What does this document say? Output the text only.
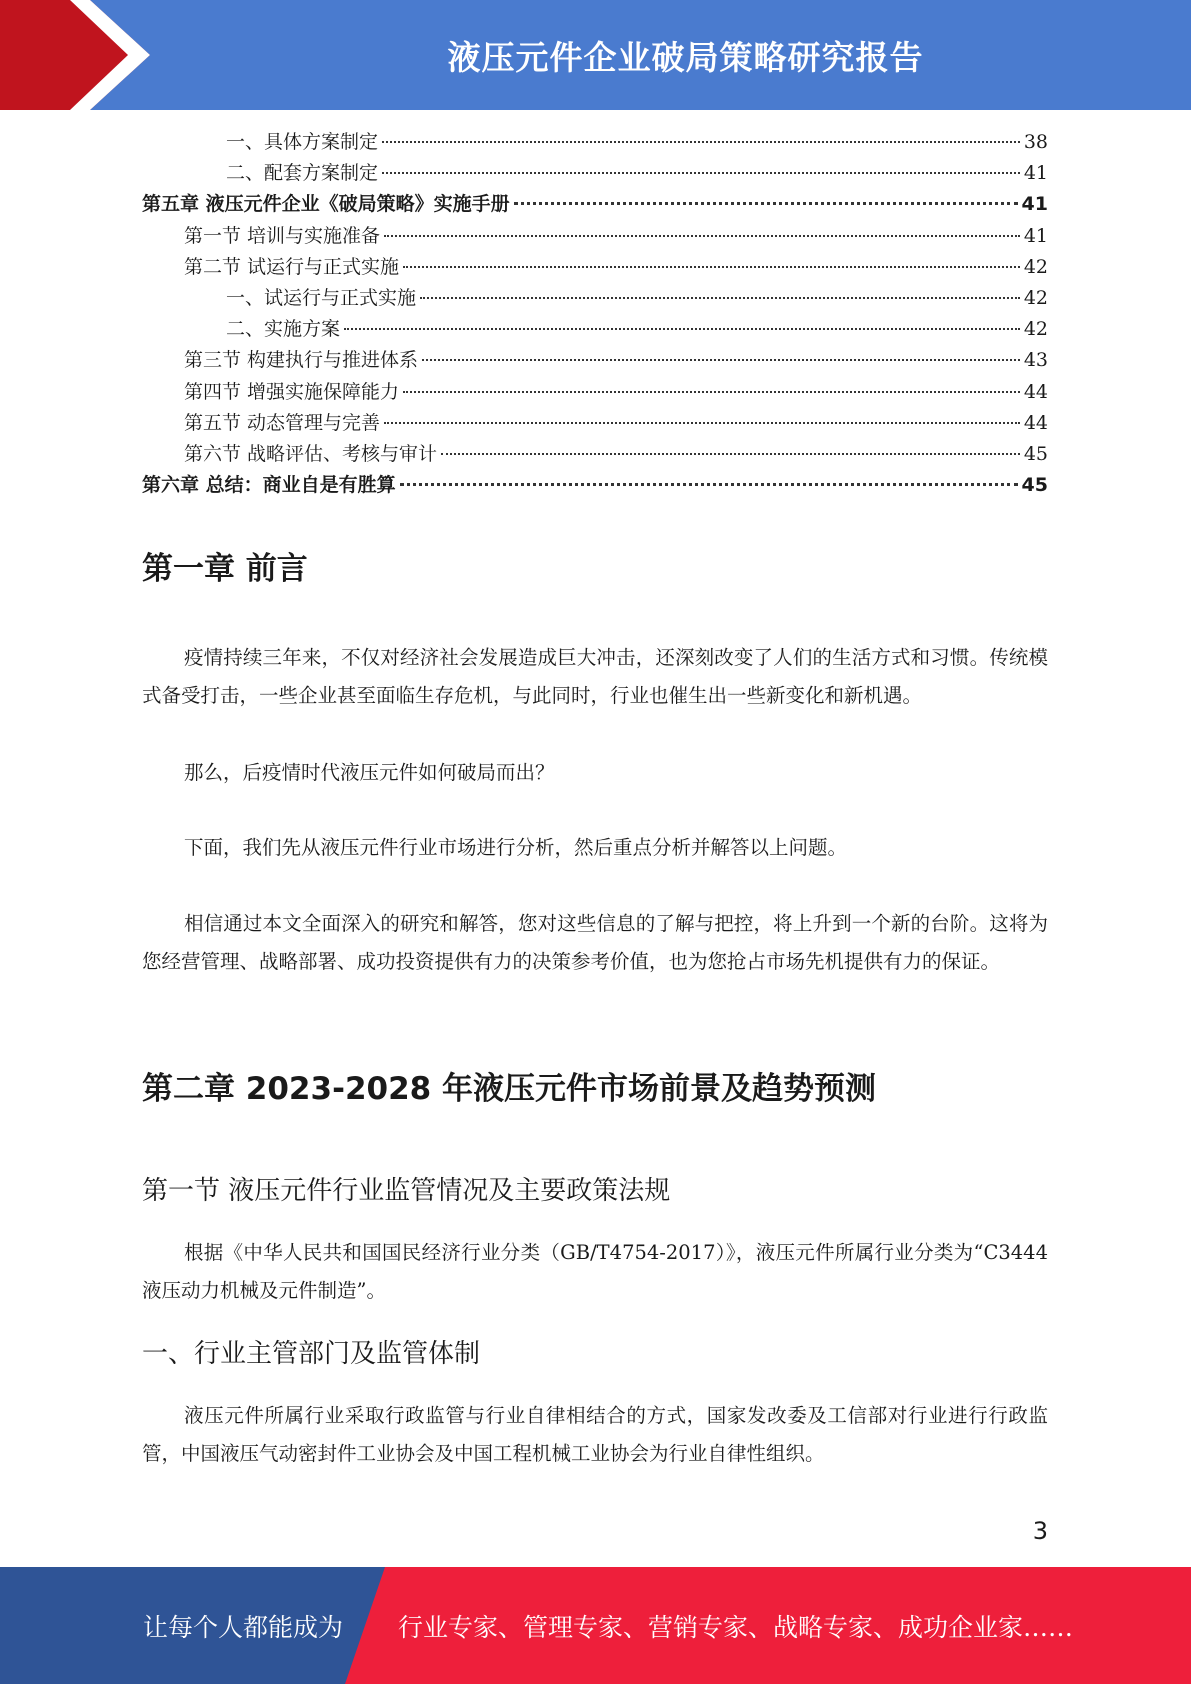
液压元件企业破局策略研究报告
一、具体方案制定	38
二、配套方案制定	41
第五章 液压元件企业《破局策略》实施手册	41
第一节 培训与实施准备	41
第二节 试运行与正式实施	42
一、试运行与正式实施	42
二、实施方案	42
第三节 构建执行与推进体系	43
第四节 增强实施保障能力	44
第五节 动态管理与完善	44
第六节 战略评估、考核与审计	45
第六章 总结：商业自是有胜算	45
第一章 前言

疫情持续三年来，不仅对经济社会发展造成巨大冲击，还深刻改变了人们的生活方式和习惯。传统模式备受打击，一些企业甚至面临生存危机，与此同时，行业也催生出一些新变化和新机遇。

那么，后疫情时代液压元件如何破局而出？

下面，我们先从液压元件行业市场进行分析，然后重点分析并解答以上问题。

相信通过本文全面深入的研究和解答，您对这些信息的了解与把控，将上升到一个新的台阶。这将为您经营管理、战略部署、成功投资提供有力的决策参考价值，也为您抢占市场先机提供有力的保证。

第二章 2023-2028 年液压元件市场前景及趋势预测
第一节 液压元件行业监管情况及主要政策法规

根据《中华人民共和国国民经济行业分类（GB/T4754-2017）》，液压元件所属行业分类为“C3444 液压动力机械及元件制造”。

一、行业主管部门及监管体制

液压元件所属行业采取行政监管与行业自律相结合的方式，国家发改委及工信部对行业进行行政监管，中国液压气动密封件工业协会及中国工程机械工业协会为行业自律性组织。

3
让每个人都能成为 行业专家、管理专家、营销专家、战略专家、成功企业家……
